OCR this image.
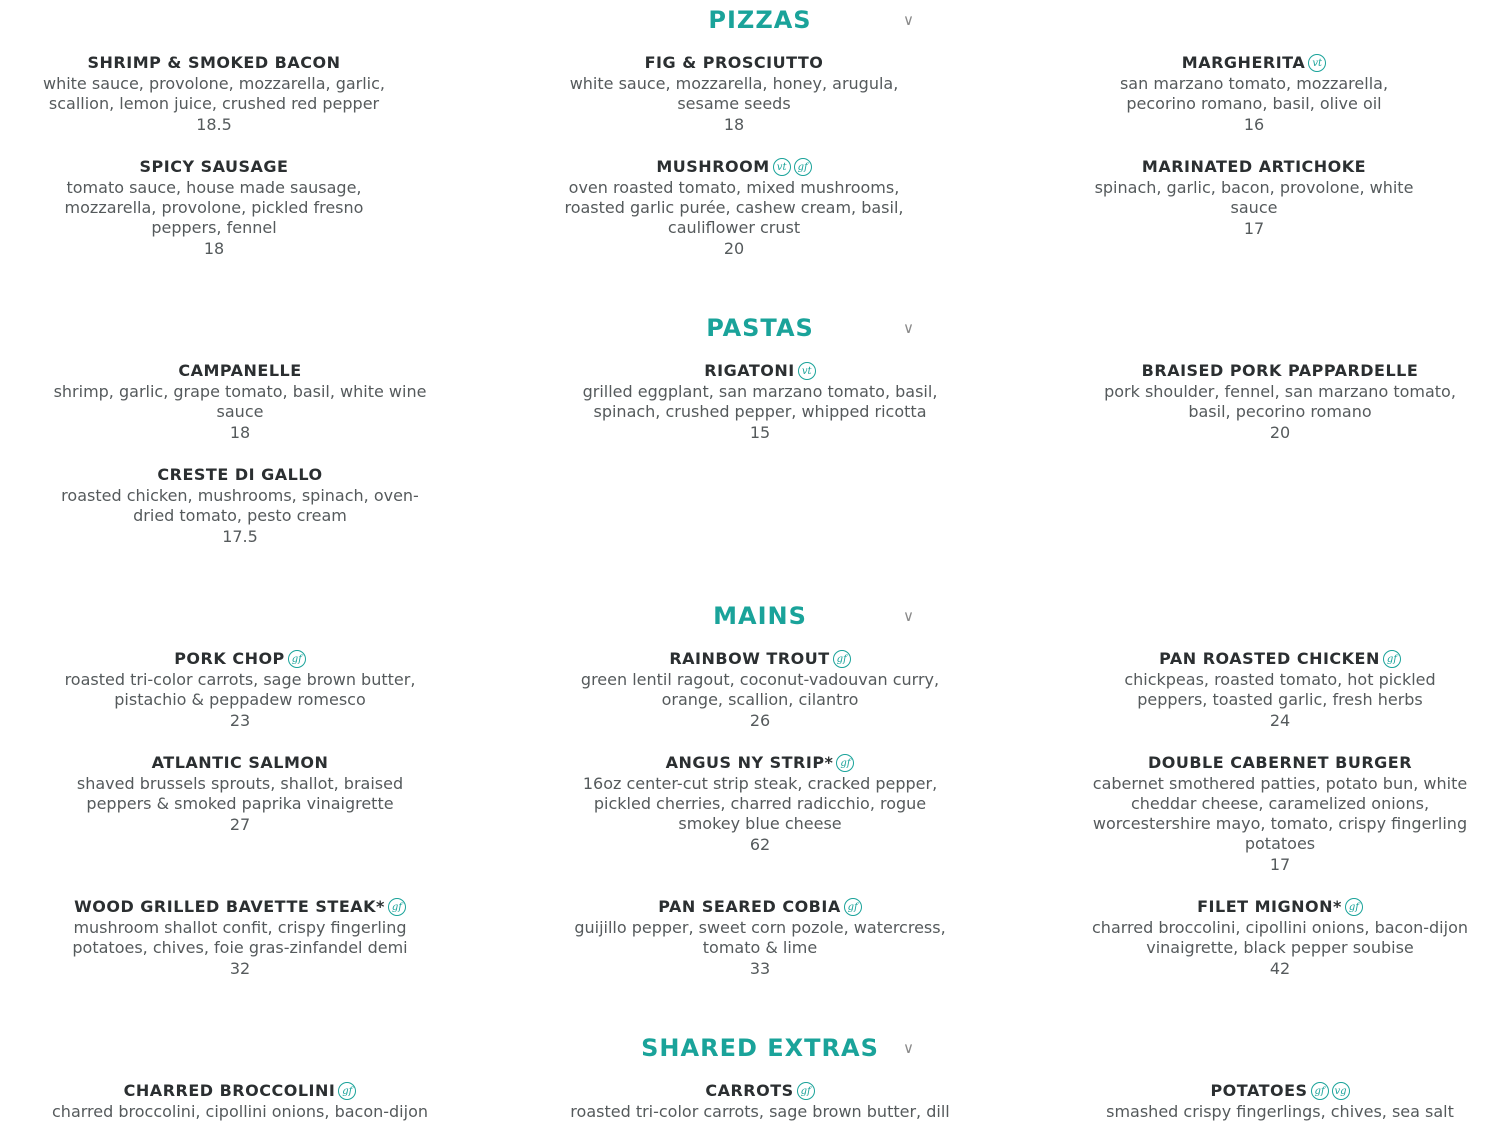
PIZZAS	∨
SHRIMP & SMOKED BACON
white sauce, provolone, mozzarella, garlic, scallion, lemon juice, crushed red pepper
18.5
FIG & PROSCIUTTO
white sauce, mozzarella, honey, arugula, sesame seeds
18
MARGHERITA vt
san marzano tomato, mozzarella, pecorino romano, basil, olive oil
16
SPICY SAUSAGE
tomato sauce, house made sausage, mozzarella, provolone, pickled fresno peppers, fennel
18
MUSHROOM vt gf
oven roasted tomato, mixed mushrooms, roasted garlic purée, cashew cream, basil, cauliflower crust
20
MARINATED ARTICHOKE
spinach, garlic, bacon, provolone, white sauce
17
PASTAS	∨
CAMPANELLE
shrimp, garlic, grape tomato, basil, white wine sauce
18
RIGATONI vt
grilled eggplant, san marzano tomato, basil, spinach, crushed pepper, whipped ricotta
15
BRAISED PORK PAPPARDELLE
pork shoulder, fennel, san marzano tomato, basil, pecorino romano
20
CRESTE DI GALLO
roasted chicken, mushrooms, spinach, oven-dried tomato, pesto cream
17.5
MAINS	∨
PORK CHOP gf
roasted tri-color carrots, sage brown butter, pistachio & peppadew romesco
23
RAINBOW TROUT gf
green lentil ragout, coconut-vadouvan curry, orange, scallion, cilantro
26
PAN ROASTED CHICKEN gf
chickpeas, roasted tomato, hot pickled peppers, toasted garlic, fresh herbs
24
ATLANTIC SALMON
shaved brussels sprouts, shallot, braised peppers & smoked paprika vinaigrette
27
ANGUS NY STRIP* gf
16oz center-cut strip steak, cracked pepper, pickled cherries, charred radicchio, rogue smokey blue cheese
62
DOUBLE CABERNET BURGER
cabernet smothered patties, potato bun, white cheddar cheese, caramelized onions, worcestershire mayo, tomato, crispy fingerling potatoes
17
WOOD GRILLED BAVETTE STEAK* gf
mushroom shallot confit, crispy fingerling potatoes, chives, foie gras-zinfandel demi
32
PAN SEARED COBIA gf
guijillo pepper, sweet corn pozole, watercress, tomato & lime
33
FILET MIGNON* gf
charred broccolini, cipollini onions, bacon-dijon vinaigrette, black pepper soubise
42
SHARED EXTRAS	∨
CHARRED BROCCOLINI gf
charred broccolini, cipollini onions, bacon-dijon
CARROTS gf
roasted tri-color carrots, sage brown butter, dill
POTATOES gf vg
smashed crispy fingerlings, chives, sea salt
